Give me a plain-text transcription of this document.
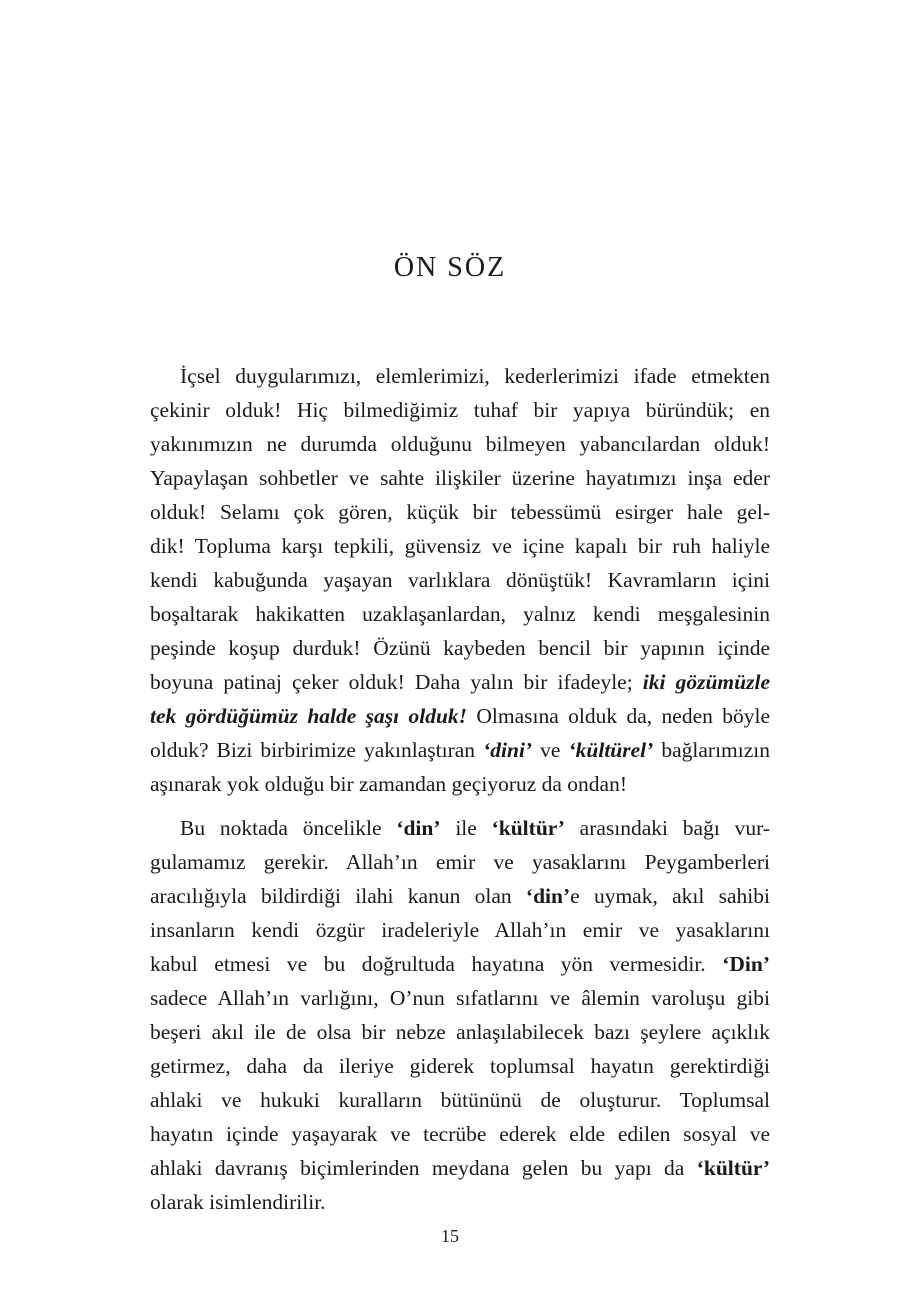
ÖN SÖZ
İçsel duygularımızı, elemlerimizi, kederlerimizi ifade etmekten
çekinir olduk! Hiç bilmediğimiz tuhaf bir yapıya büründük; en
yakınımızın ne durumda olduğunu bilmeyen yabancılardan olduk!
Yapaylaşan sohbetler ve sahte ilişkiler üzerine hayatımızı inşa eder
olduk! Selamı çok gören, küçük bir tebessümü esirger hale gel-
dik! Topluma karşı tepkili, güvensiz ve içine kapalı bir ruh haliyle
kendi kabuğunda yaşayan varlıklara dönüştük! Kavramların içini
boşaltarak hakikatten uzaklaşanlardan, yalnız kendi meşgalesinin
peşinde koşup durduk! Özünü kaybeden bencil bir yapının içinde
boyuna patinaj çeker olduk! Daha yalın bir ifadeyle; iki gözümüzle
tek gördüğümüz halde şaşı olduk! Olmasına olduk da, neden böyle
olduk? Bizi birbirimize yakınlaştıran ‘dini’ ve ‘kültürel’ bağlarımızın
aşınarak yok olduğu bir zamandan geçiyoruz da ondan!
Bu noktada öncelikle ‘din’ ile ‘kültür’ arasındaki bağı vur-
gulamamız gerekir. Allah’ın emir ve yasaklarını Peygamberleri
aracılığıyla bildirdiği ilahi kanun olan ‘din’e uymak, akıl sahibi
insanların kendi özgür iradeleriyle Allah’ın emir ve yasaklarını
kabul etmesi ve bu doğrultuda hayatına yön vermesidir. ‘Din’
sadece Allah’ın varlığını, O’nun sıfatlarını ve âlemin varoluşu gibi
beşeri akıl ile de olsa bir nebze anlaşılabilecek bazı şeylere açıklık
getirmez, daha da ileriye giderek toplumsal hayatın gerektirdiği
ahlaki ve hukuki kuralların bütününü de oluşturur. Toplumsal
hayatın içinde yaşayarak ve tecrübe ederek elde edilen sosyal ve
ahlaki davranış biçimlerinden meydana gelen bu yapı da ‘kültür’
olarak isimlendirilir.
15
